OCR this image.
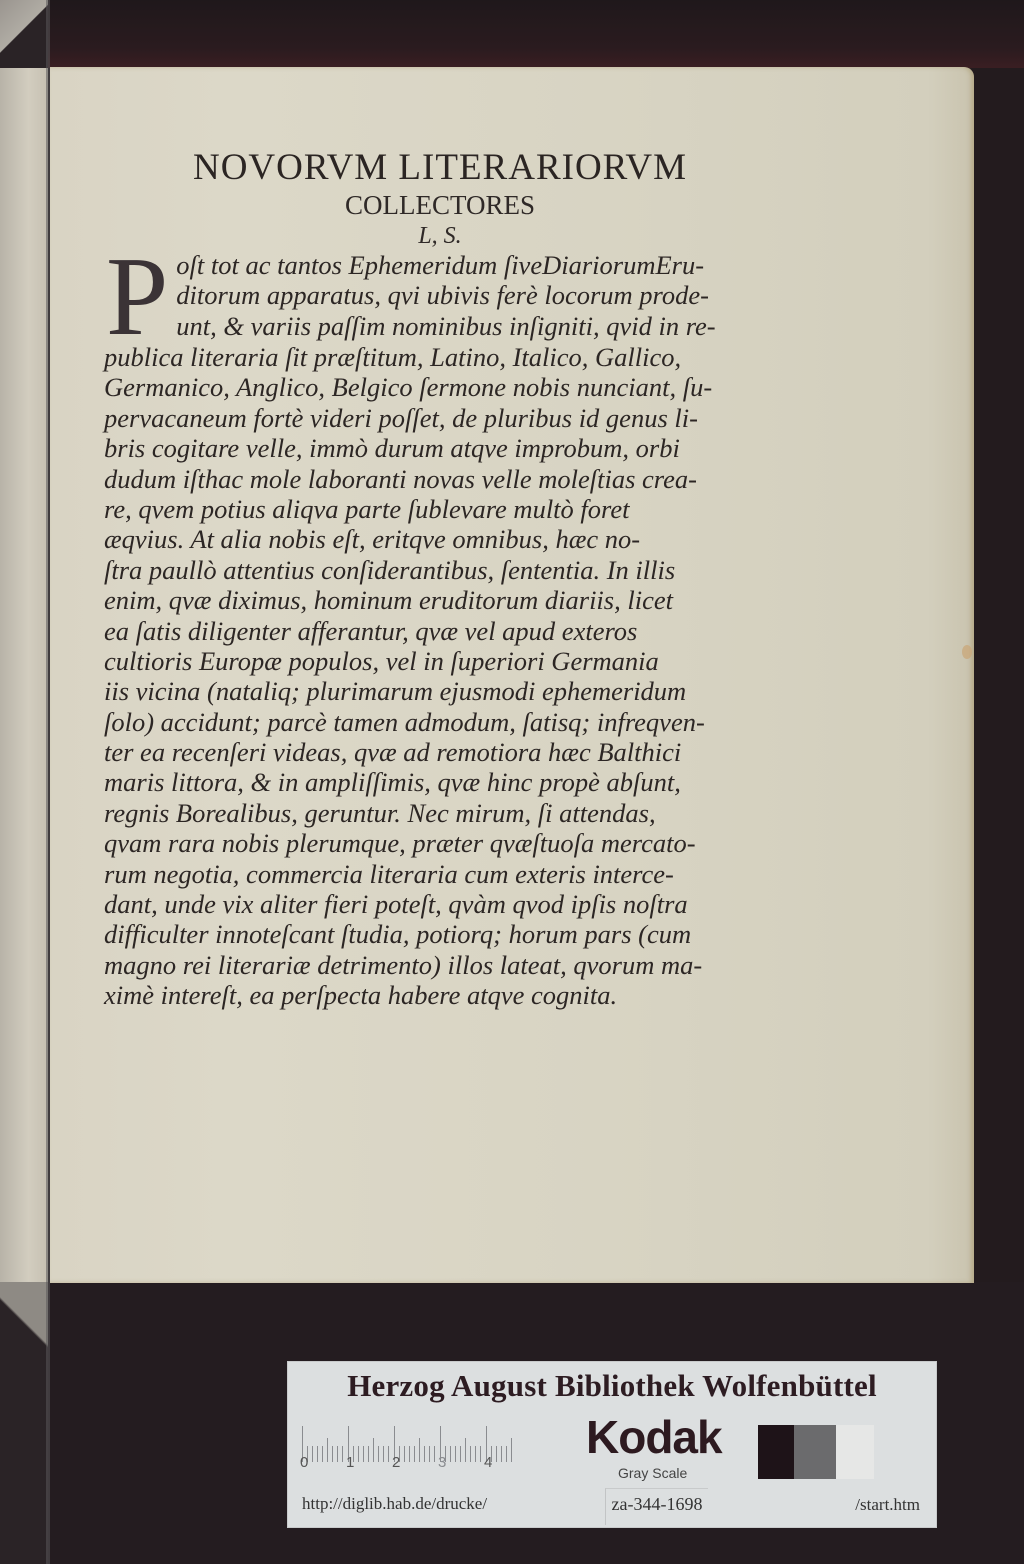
NOVORVM LITERARIORVM
COLLECTORES
L, S.
P oſt tot ac tantos Ephemeridum ſiveDiariorumEru-
ditorum apparatus, qvi ubivis ferè locorum prode-
unt, & variis paſſim nominibus inſigniti, qvid in re-
publica literaria ſit præſtitum, Latino, Italico, Gallico,
Germanico, Anglico, Belgico ſermone nobis nunciant, ſu-
pervacaneum fortè videri poſſet, de pluribus id genus li-
bris cogitare velle, immò durum atqve improbum, orbi
dudum iſthac mole laboranti novas velle moleſtias crea-
re, qvem potius aliqva parte ſublevare multò foret
æqvius. At alia nobis eſt, eritqve omnibus, hæc no-
ſtra paullò attentius conſiderantibus, ſententia. In illis
enim, qvæ diximus, hominum eruditorum diariis, licet
ea ſatis diligenter afferantur, qvæ vel apud exteros
cultioris Europæ populos, vel in ſuperiori Germania
iis vicina (nataliq; plurimarum ejusmodi ephemeridum
ſolo) accidunt; parcè tamen admodum, ſatisq; infreqven-
ter ea recenſeri videas, qvæ ad remotiora hæc Balthici
maris littora, & in ampliſſimis, qvæ hinc propè abſunt,
regnis Borealibus, geruntur. Nec mirum, ſi attendas,
qvam rara nobis plerumque, præter qvæſtuoſa mercato-
rum negotia, commercia literaria cum exteris interce-
dant, unde vix aliter fieri poteſt, qvàm qvod ipſis noſtra
difficulter innoteſcant ſtudia, potiorq; horum pars (cum
magno rei literariæ detrimento) illos lateat, qvorum ma-
ximè intereſt, ea perſpecta habere atqve cognita.
Herzog August Bibliothek Wolfenbüttel
0	1	2	3	4 Kodak
Gray Scale
http://diglib.hab.de/drucke/	za-344-1698	/start.htm
